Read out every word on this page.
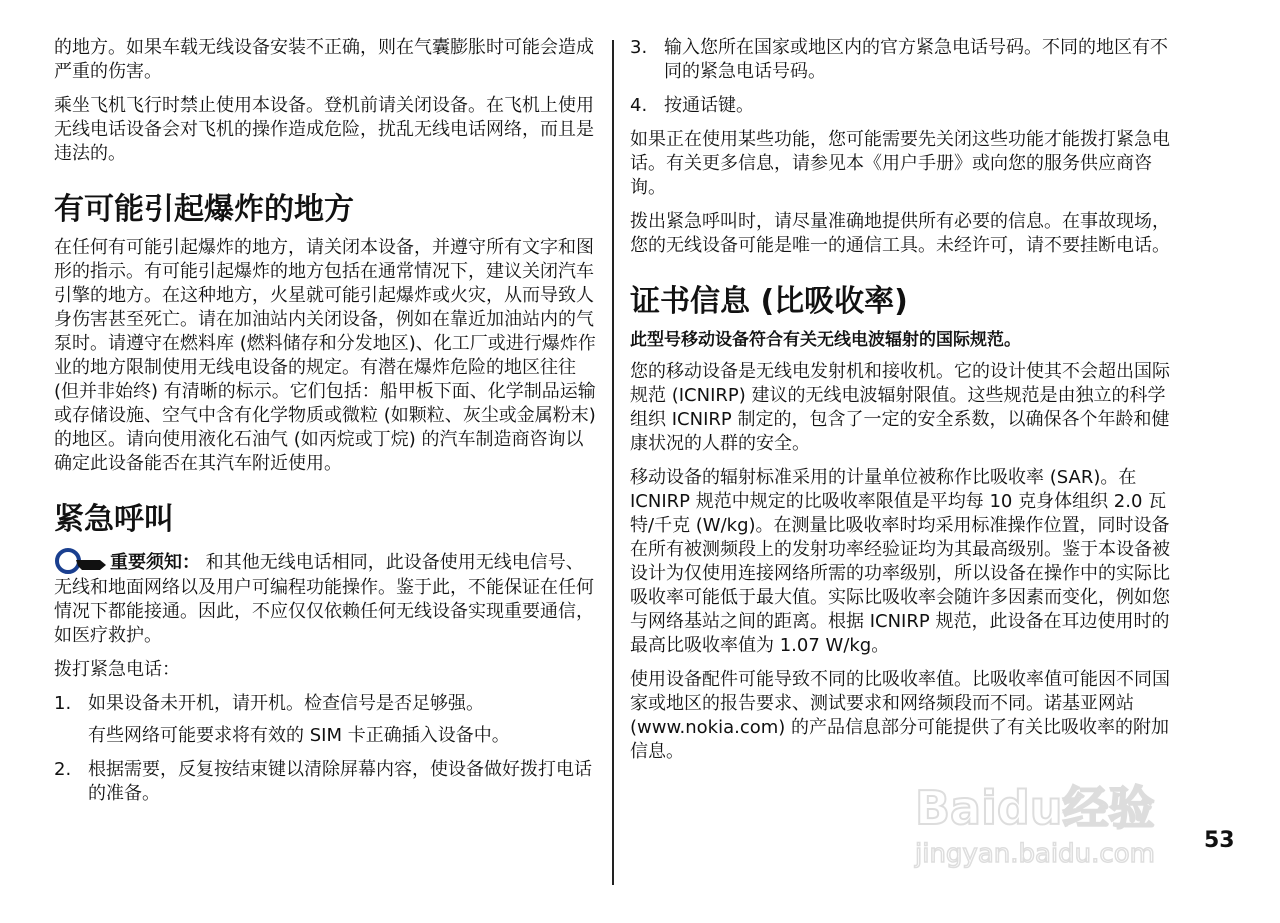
的地方。如果车载无线设备安装不正确，则在气囊膨胀时可能会造成严重的伤害。

乘坐飞机飞行时禁止使用本设备。登机前请关闭设备。在飞机上使用无线电话设备会对飞机的操作造成危险，扰乱无线电话网络，而且是违法的。

有可能引起爆炸的地方

在任何有可能引起爆炸的地方，请关闭本设备，并遵守所有文字和图形的指示。有可能引起爆炸的地方包括在通常情况下，建议关闭汽车引擎的地方。在这种地方，火星就可能引起爆炸或火灾，从而导致人身伤害甚至死亡。请在加油站内关闭设备，例如在靠近加油站内的气泵时。请遵守在燃料库 (燃料储存和分发地区)、化工厂或进行爆炸作业的地方限制使用无线电设备的规定。有潜在爆炸危险的地区往往 (但并非始终) 有清晰的标示。它们包括：船甲板下面、化学制品运输或存储设施、空气中含有化学物质或微粒 (如颗粒、灰尘或金属粉末) 的地区。请向使用液化石油气 (如丙烷或丁烷) 的汽车制造商咨询以确定此设备能否在其汽车附近使用。

紧急呼叫

重要须知： 和其他无线电话相同，此设备使用无线电信号、无线和地面网络以及用户可编程功能操作。鉴于此，不能保证在任何情况下都能接通。因此，不应仅仅依赖任何无线设备实现重要通信，如医疗救护。

拨打紧急电话：

1. 如果设备未开机，请开机。检查信号是否足够强。
有些网络可能要求将有效的 SIM 卡正确插入设备中。
2. 根据需要，反复按结束键以清除屏幕内容，使设备做好拨打电话的准备。
3. 输入您所在国家或地区内的官方紧急电话号码。不同的地区有不同的紧急电话号码。
4. 按通话键。

如果正在使用某些功能，您可能需要先关闭这些功能才能拨打紧急电话。有关更多信息，请参见本《用户手册》或向您的服务供应商咨询。

拨出紧急呼叫时，请尽量准确地提供所有必要的信息。在事故现场，您的无线设备可能是唯一的通信工具。未经许可，请不要挂断电话。

证书信息 (比吸收率)

此型号移动设备符合有关无线电波辐射的国际规范。

您的移动设备是无线电发射机和接收机。它的设计使其不会超出国际规范 (ICNIRP) 建议的无线电波辐射限值。这些规范是由独立的科学组织 ICNIRP 制定的，包含了一定的安全系数，以确保各个年龄和健康状况的人群的安全。

移动设备的辐射标准采用的计量单位被称作比吸收率 (SAR)。在 ICNIRP 规范中规定的比吸收率限值是平均每 10 克身体组织 2.0 瓦特/千克 (W/kg)。在测量比吸收率时均采用标准操作位置，同时设备在所有被测频段上的发射功率经验证均为其最高级别。鉴于本设备被设计为仅使用连接网络所需的功率级别，所以设备在操作中的实际比吸收率可能低于最大值。实际比吸收率会随许多因素而变化，例如您与网络基站之间的距离。根据 ICNIRP 规范，此设备在耳边使用时的最高比吸收率值为 1.07 W/kg。

使用设备配件可能导致不同的比吸收率值。比吸收率值可能因不同国家或地区的报告要求、测试要求和网络频段而不同。诺基亚网站 (www.nokia.com) 的产品信息部分可能提供了有关比吸收率的附加信息。

53
Baidu经验
jingyan.baidu.com
